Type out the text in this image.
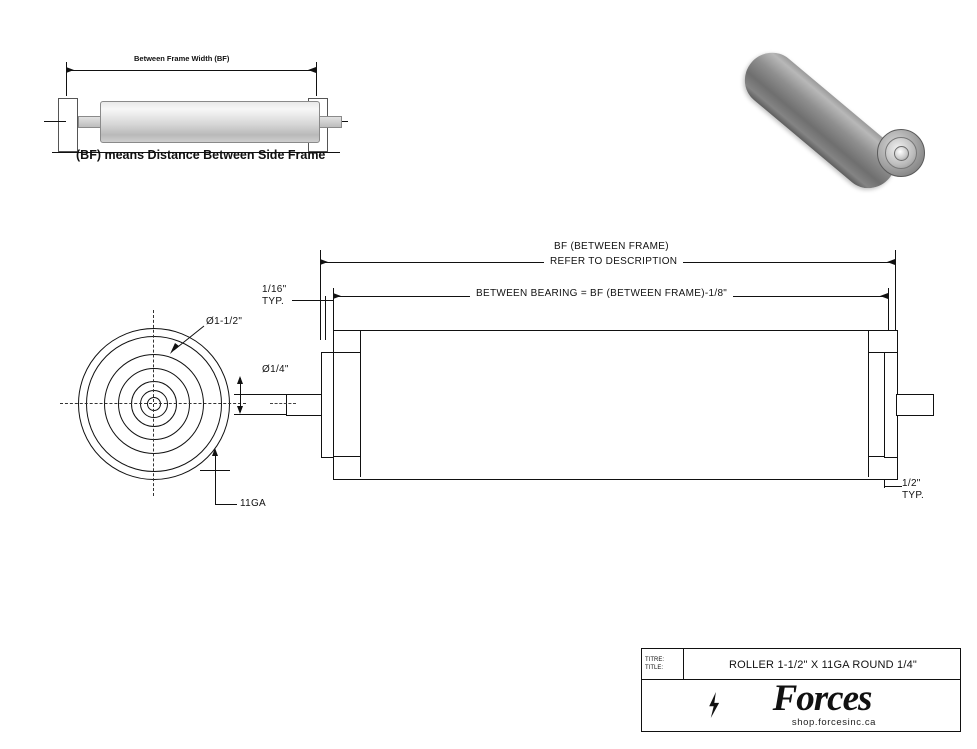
Between Frame Width (BF)
(BF) means Distance Between Side Frame
BF (BETWEEN FRAME)
REFER TO DESCRIPTION
BETWEEN BEARING = BF (BETWEEN FRAME)-1/8"
1/16"
TYP.
1/2"
TYP.
Ø1-1/2"
11GA
Ø1/4"
TITRE:
TITLE:	ROLLER 1-1/2" X 11GA ROUND 1/4"
Forces
shop.forcesinc.ca
